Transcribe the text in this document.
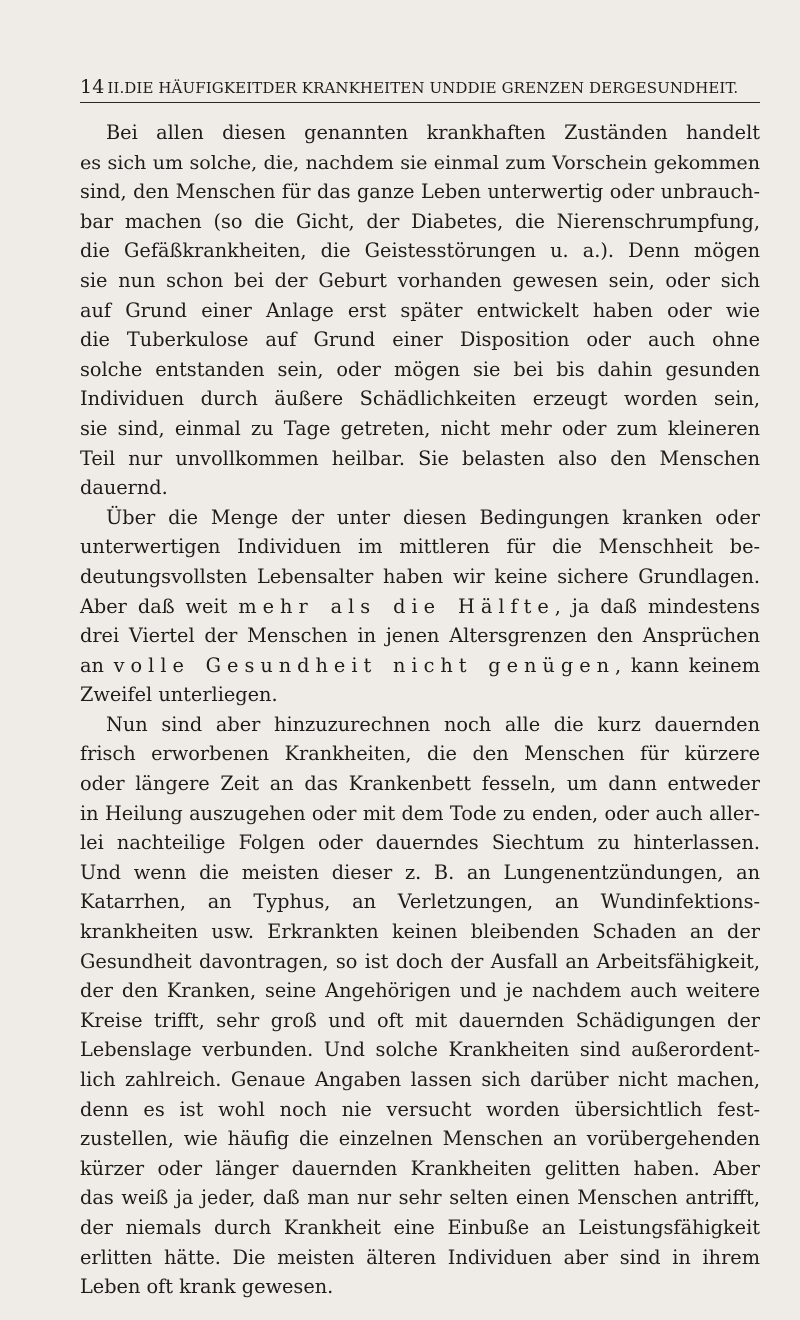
14 II.DIE HÄUFIGKEITDER KRANKHEITEN UNDDIE GRENZEN DERGESUNDHEIT.
Bei allen diesen genannten krankhaften Zuständen handelt
es sich um solche, die, nachdem sie einmal zum Vorschein gekommen
sind, den Menschen für das ganze Leben unterwertig oder unbrauch-
bar machen (so die Gicht, der Diabetes, die Nierenschrumpfung,
die Gefäßkrankheiten, die Geistesstörungen u. a.). Denn mögen
sie nun schon bei der Geburt vorhanden gewesen sein, oder sich
auf Grund einer Anlage erst später entwickelt haben oder wie
die Tuberkulose auf Grund einer Disposition oder auch ohne
solche entstanden sein, oder mögen sie bei bis dahin gesunden
Individuen durch äußere Schädlichkeiten erzeugt worden sein,
sie sind, einmal zu Tage getreten, nicht mehr oder zum kleineren
Teil nur unvollkommen heilbar. Sie belasten also den Menschen
dauernd.
Über die Menge der unter diesen Bedingungen kranken oder
unterwertigen Individuen im mittleren für die Menschheit be-
deutungsvollsten Lebensalter haben wir keine sichere Grundlagen.
Aber daß weit mehr als die Hälfte, ja daß mindestens
drei Viertel der Menschen in jenen Altersgrenzen den Ansprüchen
an volle Gesundheit nicht genügen, kann keinem
Zweifel unterliegen.
Nun sind aber hinzuzurechnen noch alle die kurz dauernden
frisch erworbenen Krankheiten, die den Menschen für kürzere
oder längere Zeit an das Krankenbett fesseln, um dann entweder
in Heilung auszugehen oder mit dem Tode zu enden, oder auch aller-
lei nachteilige Folgen oder dauerndes Siechtum zu hinterlassen.
Und wenn die meisten dieser z. B. an Lungenentzündungen, an
Katarrhen, an Typhus, an Verletzungen, an Wundinfektions-
krankheiten usw. Erkrankten keinen bleibenden Schaden an der
Gesundheit davontragen, so ist doch der Ausfall an Arbeitsfähigkeit,
der den Kranken, seine Angehörigen und je nachdem auch weitere
Kreise trifft, sehr groß und oft mit dauernden Schädigungen der
Lebenslage verbunden. Und solche Krankheiten sind außerordent-
lich zahlreich. Genaue Angaben lassen sich darüber nicht machen,
denn es ist wohl noch nie versucht worden übersichtlich fest-
zustellen, wie häufig die einzelnen Menschen an vorübergehenden
kürzer oder länger dauernden Krankheiten gelitten haben. Aber
das weiß ja jeder, daß man nur sehr selten einen Menschen antrifft,
der niemals durch Krankheit eine Einbuße an Leistungsfähigkeit
erlitten hätte. Die meisten älteren Individuen aber sind in ihrem
Leben oft krank gewesen.
